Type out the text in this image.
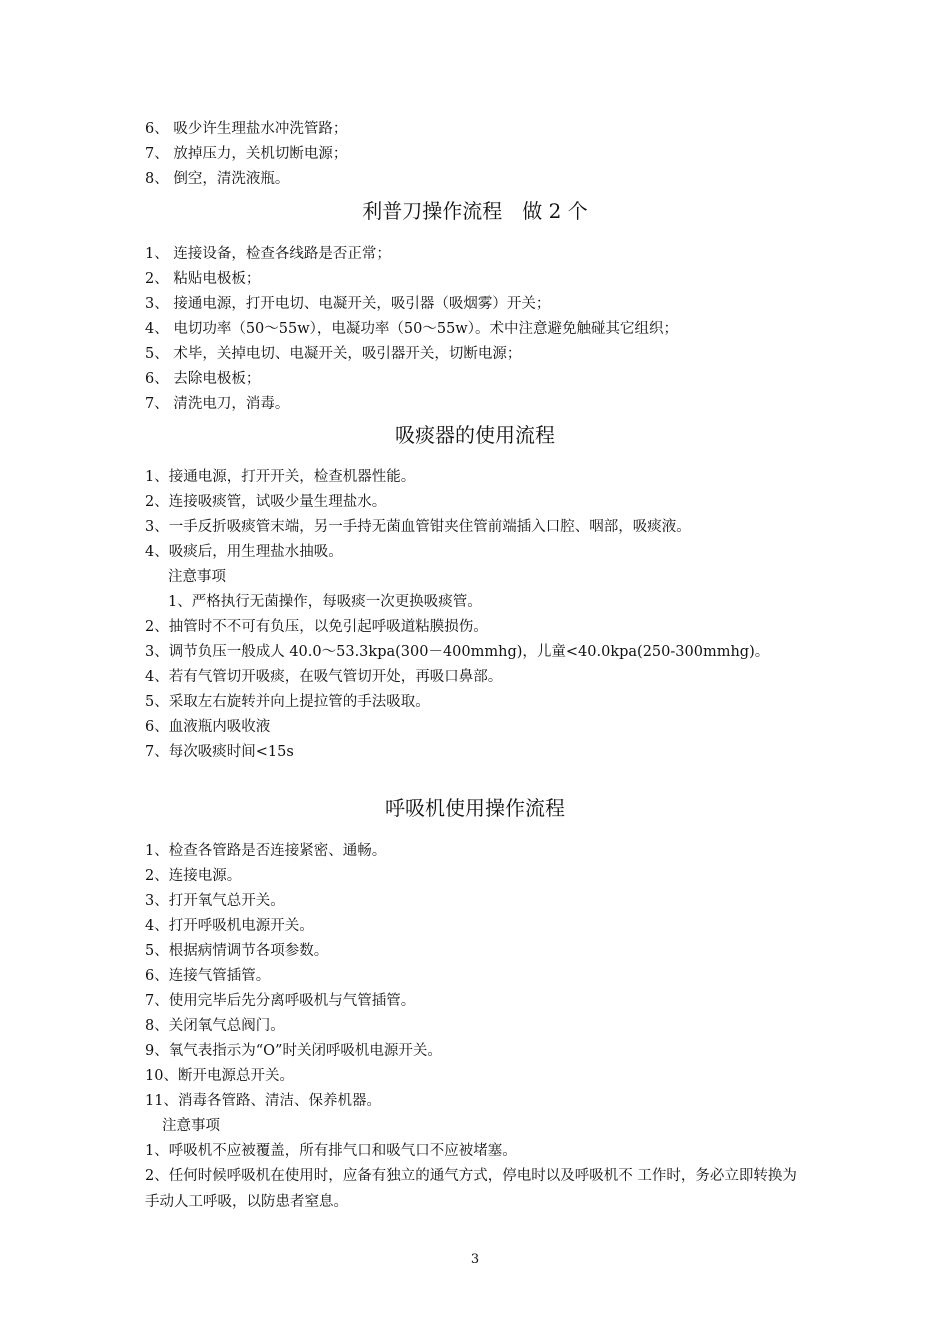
6、 吸少许生理盐水冲洗管路；
7、 放掉压力，关机切断电源；
8、 倒空，清洗液瓶。
利普刀操作流程　做 2 个
1、 连接设备，检查各线路是否正常；
2、 粘贴电极板；
3、 接通电源，打开电切、电凝开关，吸引器（吸烟雾）开关；
4、 电切功率（50～55w），电凝功率（50～55w）。术中注意避免触碰其它组织；
5、 术毕，关掉电切、电凝开关，吸引器开关，切断电源；
6、 去除电极板；
7、 清洗电刀，消毒。
吸痰器的使用流程
1、接通电源，打开开关，检查机器性能。
2、连接吸痰管，试吸少量生理盐水。
3、一手反折吸痰管末端，另一手持无菌血管钳夹住管前端插入口腔、咽部，吸痰液。
4、吸痰后，用生理盐水抽吸。
注意事项
1、严格执行无菌操作，每吸痰一次更换吸痰管。
2、抽管时不不可有负压，以免引起呼吸道粘膜损伤。
3、调节负压一般成人 40.0～53.3kpa(300－400mmhg)，儿童<40.0kpa(250-300mmhg)。
4、若有气管切开吸痰，在吸气管切开处，再吸口鼻部。
5、采取左右旋转并向上提拉管的手法吸取。
6、血液瓶内吸收液
7、每次吸痰时间<15s
呼吸机使用操作流程
1、检查各管路是否连接紧密、通畅。
2、连接电源。
3、打开氧气总开关。
4、打开呼吸机电源开关。
5、根据病情调节各项参数。
6、连接气管插管。
7、使用完毕后先分离呼吸机与气管插管。
8、关闭氧气总阀门。
9、氧气表指示为“O”时关闭呼吸机电源开关。
10、断开电源总开关。
11、消毒各管路、清洁、保养机器。
注意事项
1、呼吸机不应被覆盖，所有排气口和吸气口不应被堵塞。
2、任何时候呼吸机在使用时，应备有独立的通气方式，停电时以及呼吸机不 工作时，务必立即转换为手动人工呼吸，以防患者窒息。
3
